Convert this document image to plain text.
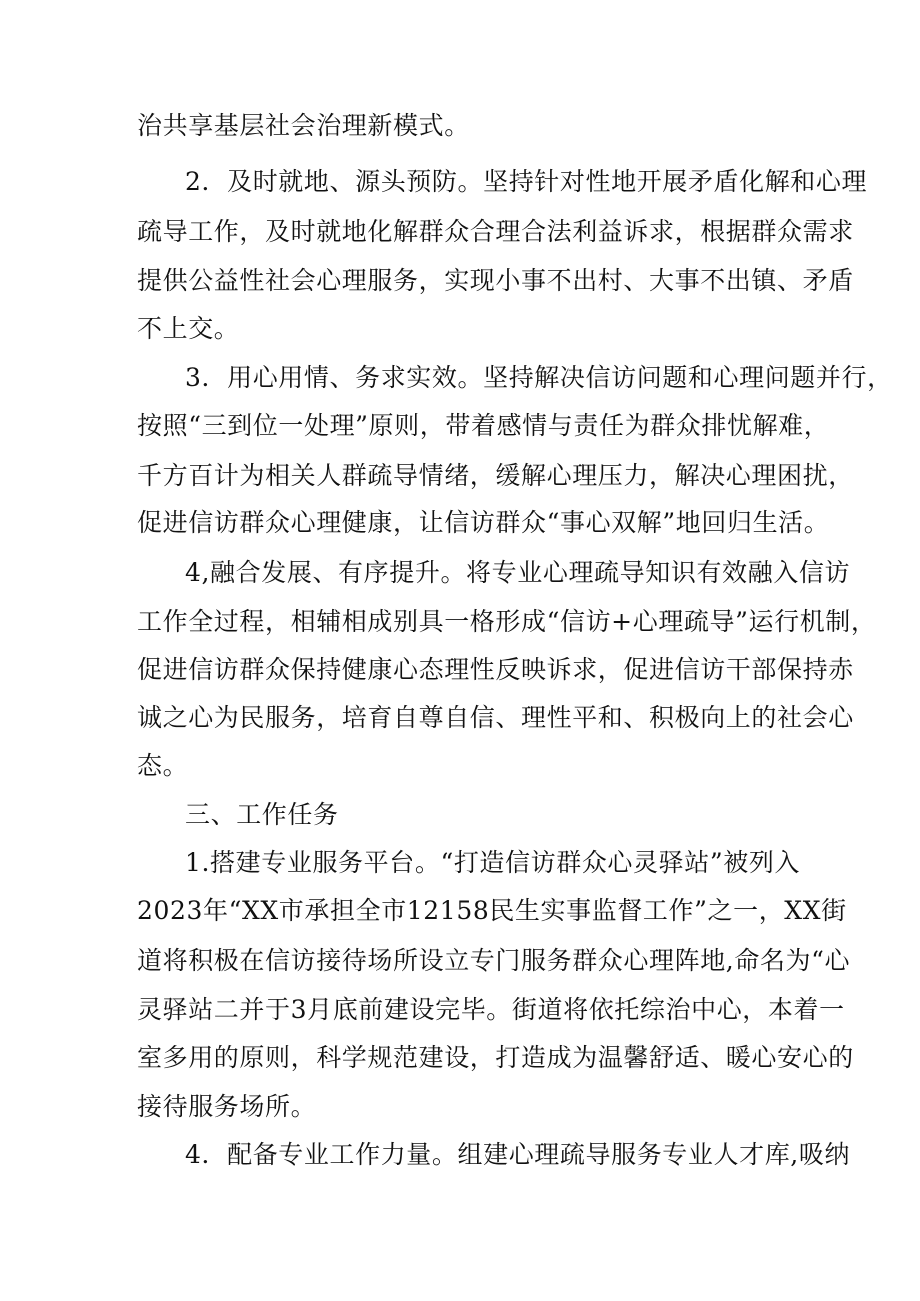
治共享基层社会治理新模式。
2．及时就地、源头预防。坚持针对性地开展矛盾化解和心理
疏导工作，及时就地化解群众合理合法利益诉求，根据群众需求
提供公益性社会心理服务，实现小事不出村、大事不出镇、矛盾
不上交。
3．用心用情、务求实效。坚持解决信访问题和心理问题并行，
按照“三到位一处理”原则，带着感情与责任为群众排忧解难，
千方百计为相关人群疏导情绪，缓解心理压力，解决心理困扰，
促进信访群众心理健康，让信访群众“事心双解”地回归生活。
4,融合发展、有序提升。将专业心理疏导知识有效融入信访
工作全过程，相辅相成别具一格形成“信访+心理疏导”运行机制，
促进信访群众保持健康心态理性反映诉求，促进信访干部保持赤
诚之心为民服务，培育自尊自信、理性平和、积极向上的社会心
态。
三、工作任务
1.搭建专业服务平台。“打造信访群众心灵驿站”被列入
2023年“XX市承担全市12158民生实事监督工作”之一，XX街
道将积极在信访接待场所设立专门服务群众心理阵地,命名为“心
灵驿站二并于3月底前建设完毕。街道将依托综治中心，本着一
室多用的原则，科学规范建设，打造成为温馨舒适、暖心安心的
接待服务场所。
4．配备专业工作力量。组建心理疏导服务专业人才库,吸纳
